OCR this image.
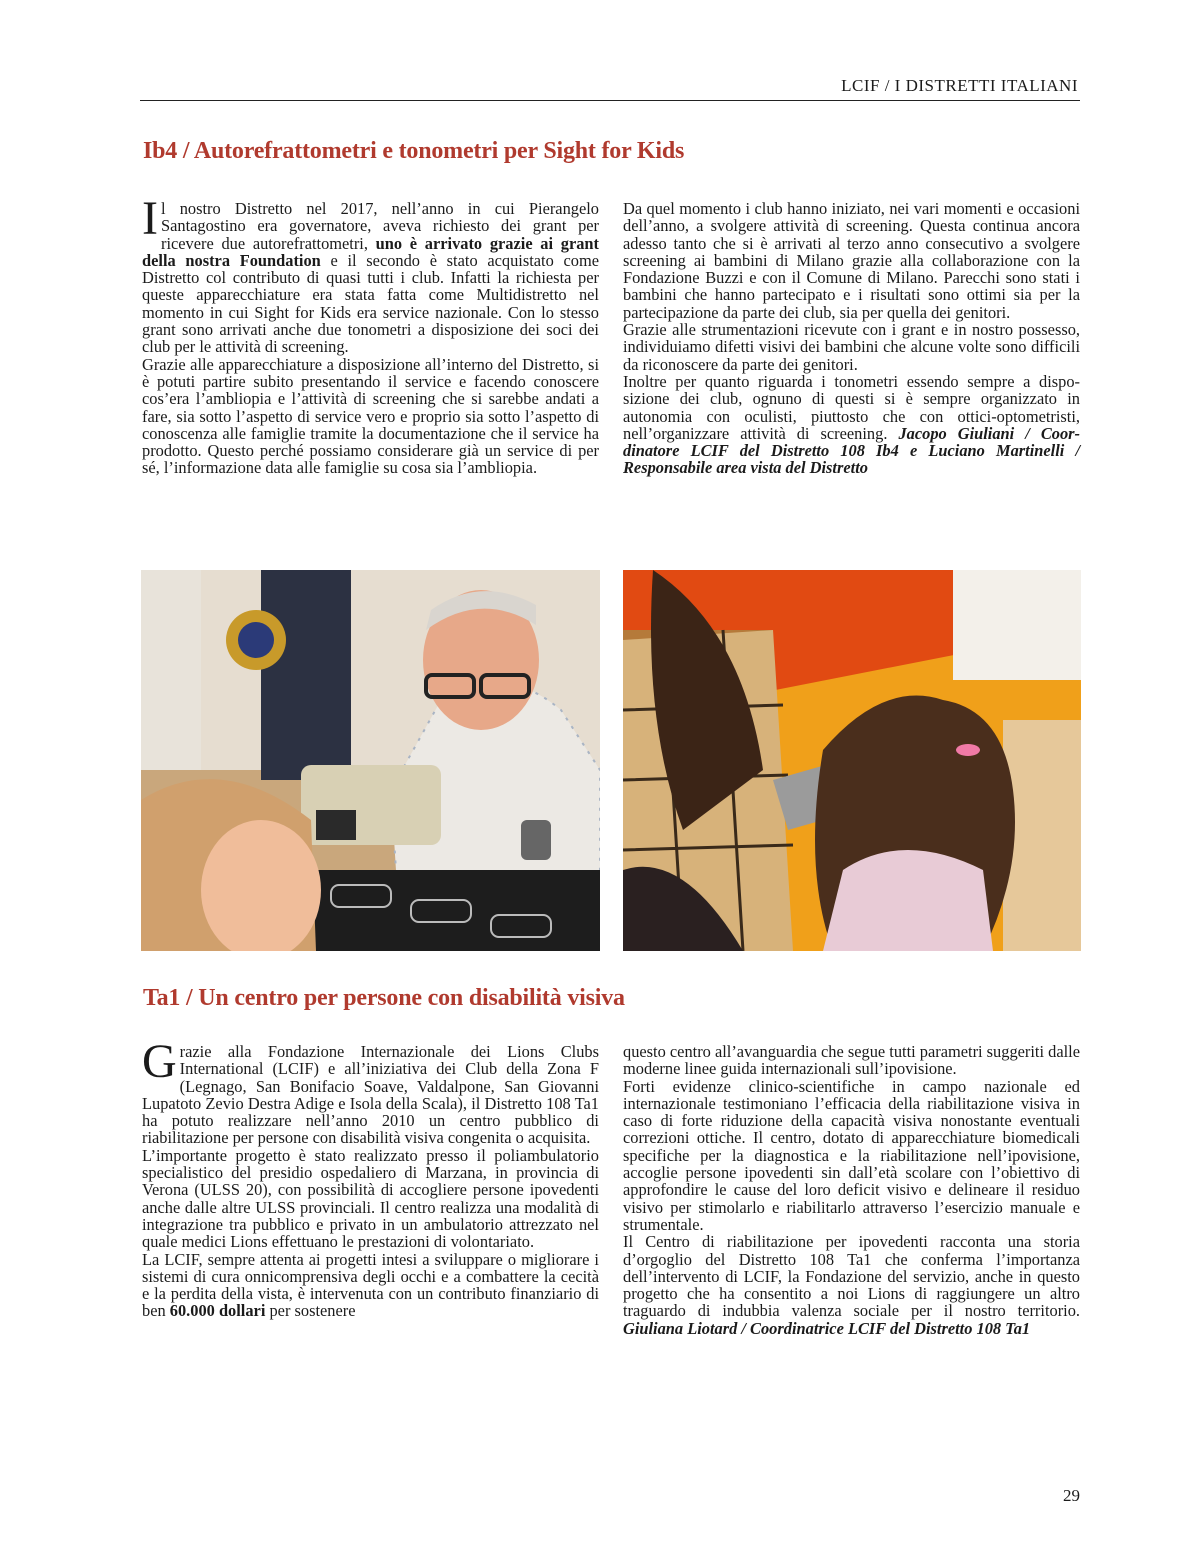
LCIF / I DISTRETTI ITALIANI
Ib4 / Autorefrattometri e tonometri per Sight for Kids

Il nostro Distretto nel 2017, nell’anno in cui Pierangelo Santagostino era governatore, aveva richiesto dei grant per ricevere due autorefrattometri, uno è arrivato grazie ai grant della nostra Foundation e il secondo è stato acquistato come Distretto col contributo di quasi tutti i club. Infatti la richiesta per queste apparecchiature era stata fatta come Multidistretto nel momento in cui Sight for Kids era service nazionale. Con lo stesso grant sono arrivati anche due tonometri a disposizione dei soci dei club per le attività di screening.

Grazie alle apparecchiature a disposizione all’interno del Distretto, si è potuti partire subito presentando il service e facendo conoscere cos’era l’ambliopia e l’attività di screening che si sarebbe andati a fare, sia sotto l’aspetto di service vero e proprio sia sotto l’aspetto di conoscenza alle famiglie tramite la documentazione che il service ha prodotto. Questo perché possiamo considerare già un service di per sé, l’informazione data alle famiglie su cosa sia l’ambliopia.

Da quel momento i club hanno iniziato, nei vari momenti e occasioni dell’anno, a svolgere attività di screening. Questa continua ancora adesso tanto che si è arrivati al terzo anno consecutivo a svolgere screening ai bambini di Milano grazie alla collaborazione con la Fondazione Buzzi e con il Comune di Milano. Parecchi sono stati i bambini che hanno partecipato e i risultati sono ottimi sia per la partecipazione da parte dei club, sia per quella dei genitori.

Grazie alle strumentazioni ricevute con i grant e in nostro possesso, individuiamo difetti visivi dei bambini che alcune volte sono difficili da riconoscere da parte dei genitori.

Inoltre per quanto riguarda i tonometri essendo sempre a disposizione dei club, ognuno di questi si è sempre organizzato in autonomia con oculisti, piuttosto che con ottici-optometristi, nell’organizzare attività di screening. Jacopo Giuliani / Coordinatore LCIF del Distretto 108 Ib4 e Luciano Martinelli / Responsabile area vista del Distretto

Ta1 / Un centro per persone con disabilità visiva

Grazie alla Fondazione Internazionale dei Lions Clubs International (LCIF) e all’iniziativa dei Club della Zona F (Legnago, San Bonifacio Soave, Valdalpone, San Giovanni Lupatoto Zevio Destra Adige e Isola della Scala), il Distretto 108 Ta1 ha potuto realizzare nell’anno 2010 un centro pubblico di riabilitazione per persone con disabilità visiva congenita o acquisita.

L’importante progetto è stato realizzato presso il poliambulatorio specialistico del presidio ospedaliero di Marzana, in provincia di Verona (ULSS 20), con possibilità di accogliere persone ipovedenti anche dalle altre ULSS provinciali. Il centro realizza una modalità di integrazione tra pubblico e privato in un ambulatorio attrezzato nel quale medici Lions effettuano le prestazioni di volontariato.

La LCIF, sempre attenta ai progetti intesi a sviluppare o migliorare i sistemi di cura onnicomprensiva degli occhi e a combattere la cecità e la perdita della vista, è intervenuta con un contributo finanziario di ben 60.000 dollari per sostenere

questo centro all’avanguardia che segue tutti parametri suggeriti dalle moderne linee guida internazionali sull’ipovisione.

Forti evidenze clinico-scientifiche in campo nazionale ed internazionale testimoniano l’efficacia della riabilitazione visiva in caso di forte riduzione della capacità visiva nonostante eventuali correzioni ottiche. Il centro, dotato di apparecchiature biomedicali specifiche per la diagnostica e la riabilitazione nell’ipovisione, accoglie persone ipovedenti sin dall’età scolare con l’obiettivo di approfondire le cause del loro deficit visivo e delineare il residuo visivo per stimolarlo e riabilitarlo attraverso l’esercizio manuale e strumentale.

Il Centro di riabilitazione per ipovedenti racconta una storia d’orgoglio del Distretto 108 Ta1 che conferma l’importanza dell’intervento di LCIF, la Fondazione del servizio, anche in questo progetto che ha consentito a noi Lions di raggiungere un altro traguardo di indubbia valenza sociale per il nostro territorio. Giuliana Liotard / Coordinatrice LCIF del Distretto 108 Ta1

29
